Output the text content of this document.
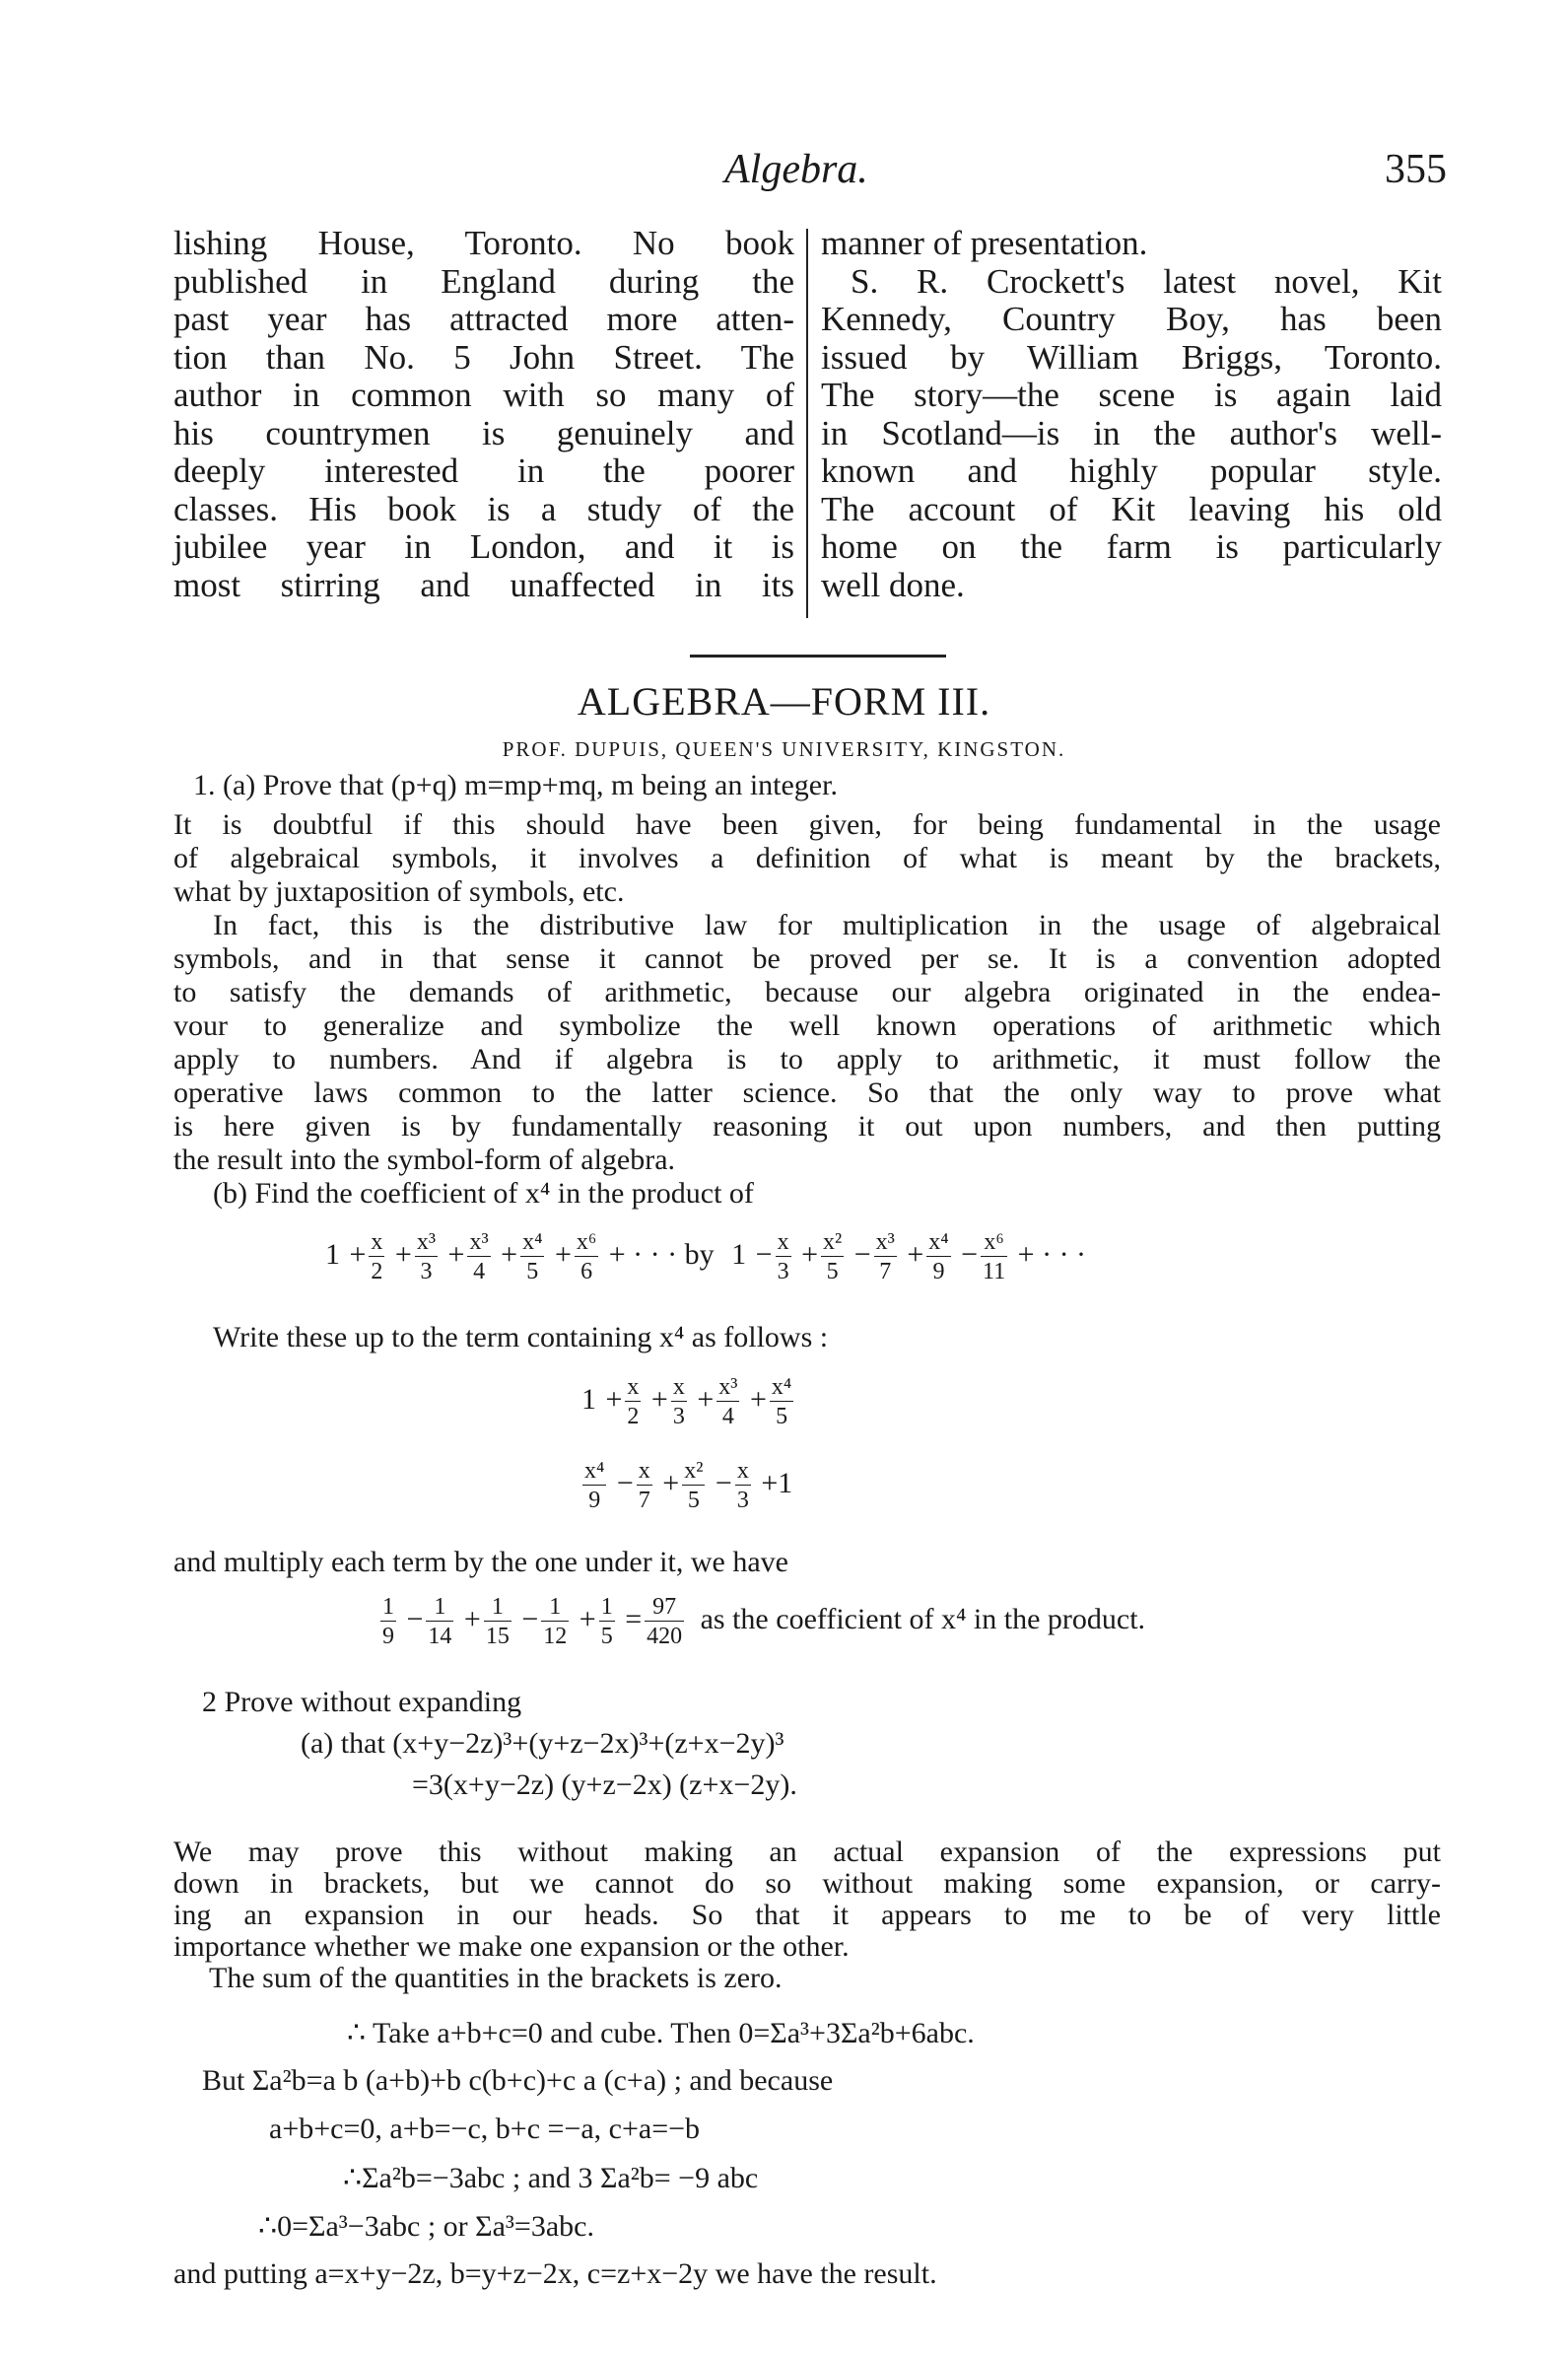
Algebra.	355
lishing House, Toronto. No book
published in England during the
past year has attracted more atten-
tion than No. 5 John Street. The
author in common with so many of
his countrymen is genuinely and
deeply interested in the poorer
classes. His book is a study of the
jubilee year in London, and it is
most stirring and unaffected in its
manner of presentation.
S. R. Crockett's latest novel, Kit
Kennedy, Country Boy, has been
issued by William Briggs, Toronto.
The story—the scene is again laid
in Scotland—is in the author's well-
known and highly popular style.
The account of Kit leaving his old
home on the farm is particularly
well done.
ALGEBRA—FORM III.
PROF. DUPUIS, QUEEN'S UNIVERSITY, KINGSTON.
1. (a) Prove that (p+q) m=mp+mq, m being an integer.
It is doubtful if this should have been given, for being fundamental in the usage
of algebraical symbols, it involves a definition of what is meant by the brackets,
what by juxtaposition of symbols, etc.
In fact, this is the distributive law for multiplication in the usage of algebraical
symbols, and in that sense it cannot be proved per se. It is a convention adopted
to satisfy the demands of arithmetic, because our algebra originated in the endea-
vour to generalize and symbolize the well known operations of arithmetic which
apply to numbers. And if algebra is to apply to arithmetic, it must follow the
operative laws common to the latter science. So that the only way to prove what
is here given is by fundamentally reasoning it out upon numbers, and then putting
the result into the symbol-form of algebra.
(b) Find the coefficient of x⁴ in the product of
$1 + \frac{x}{2} + \frac{\text{x³}}{3} + \frac{\text{x³}}{4} + \frac{\text{x⁴}}{5} + \frac{\text{x⁶}}{6}$ + · · · by $1 - \frac{x}{3} + \frac{\text{x²}}{5} - \frac{\text{x³}}{7} + \frac{\text{x⁴}}{9} - \frac{\text{x⁶}}{11}$ + · · ·
Write these up to the term containing x⁴ as follows :
$1 + \frac{x}{2} + \frac{x}{3} + \frac{\text{x³}}{4} + \frac{\text{x⁴}}{5}$
$\frac{\text{x⁴}}{9} - \frac{x}{7} + \frac{\text{x²}}{5} - \frac{x}{3} +1$
and multiply each term by the one under it, we have
$\frac{1}{9} - \frac{1}{14} + \frac{1}{15} - \frac{1}{12} + \frac{1}{5} = \frac{97}{420}$ as the coefficient of x⁴ in the product.
2 Prove without expanding
(a) that (x+y−2z)³+(y+z−2x)³+(z+x−2y)³
=3(x+y−2z) (y+z−2x) (z+x−2y).
We may prove this without making an actual expansion of the expressions put
down in brackets, but we cannot do so without making some expansion, or carry-
ing an expansion in our heads. So that it appears to me to be of very little
importance whether we make one expansion or the other.
The sum of the quantities in the brackets is zero.
∴ Take a+b+c=0 and cube. Then 0=Σa³+3Σa²b+6abc.
But Σa²b=a b (a+b)+b c(b+c)+c a (c+a) ; and because
a+b+c=0, a+b=−c, b+c =−a, c+a=−b
∴Σa²b=−3abc ; and 3 Σa²b= −9 abc
∴0=Σa³−3abc ; or Σa³=3abc.
and putting a=x+y−2z, b=y+z−2x, c=z+x−2y we have the result.
